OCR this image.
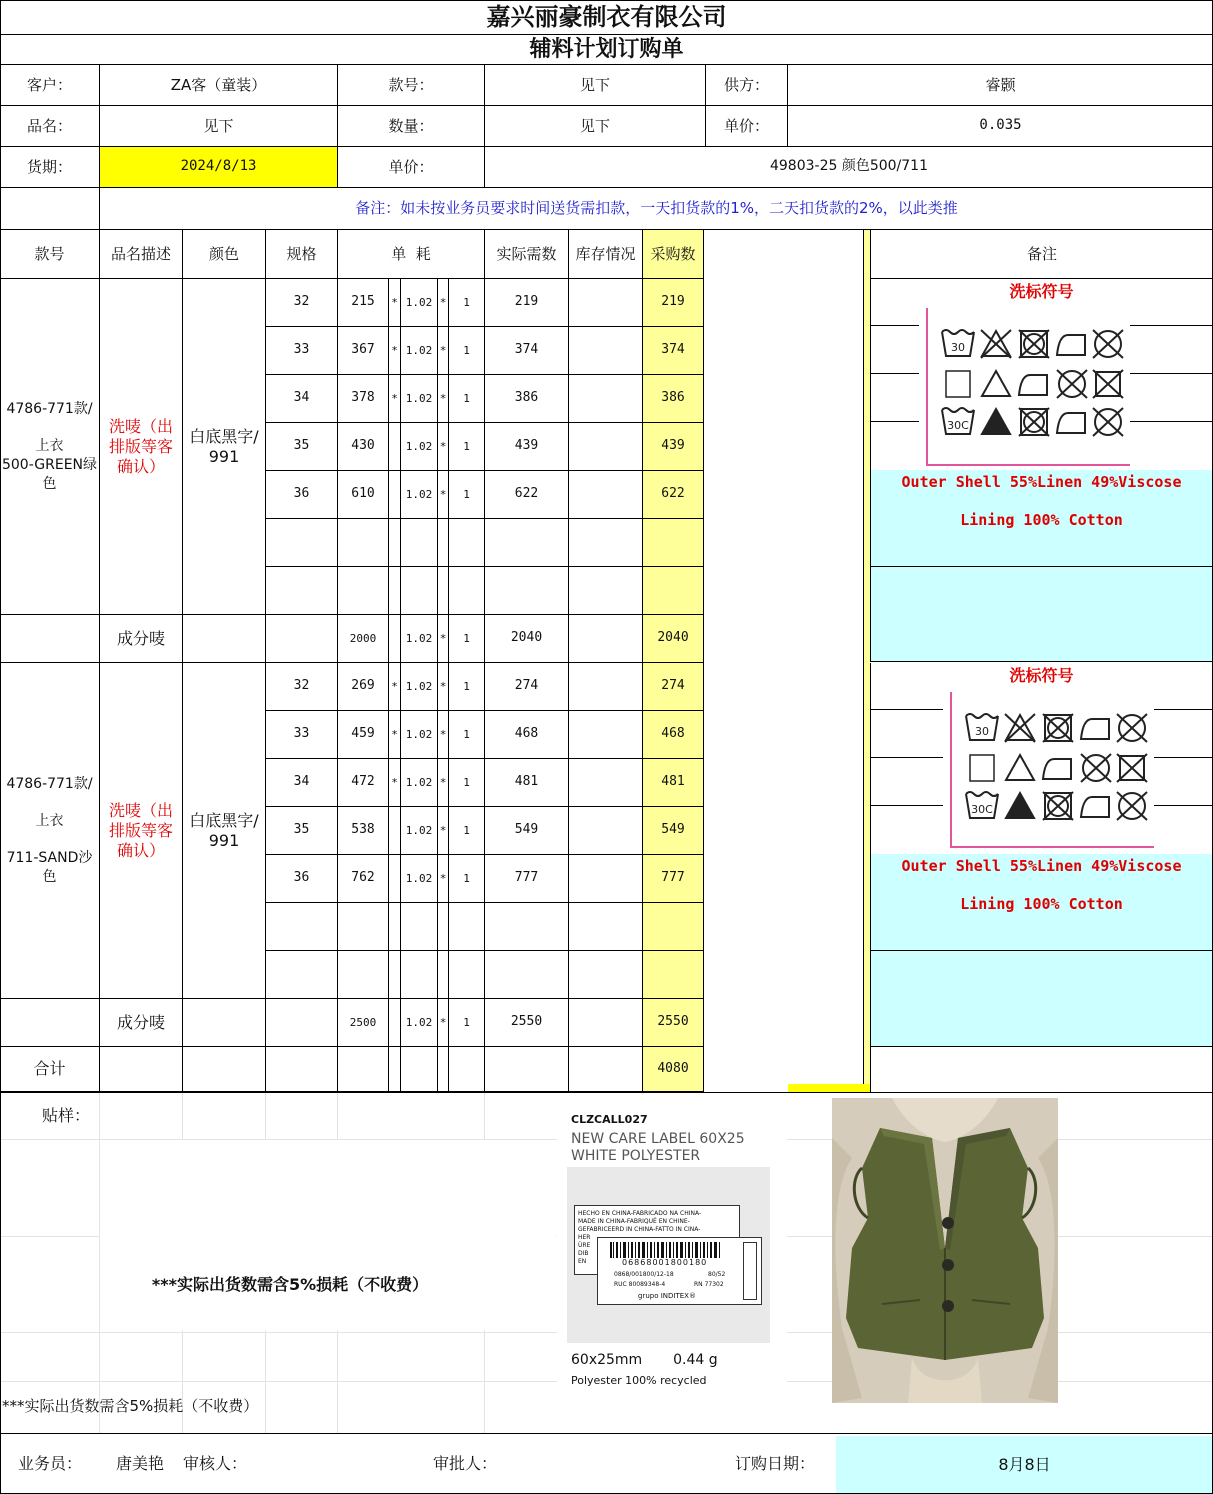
嘉兴丽豪制衣有限公司
辅料计划订购单
客户：	ZA客（童装）	款号：	见下	供方：	睿颢
品名：	见下	数量：	见下	单价：	0.035
货期：	2024/8/13	单价：	49803-25 颜色500/711
备注：如未按业务员要求时间送货需扣款，一天扣货款的1%，二天扣货款的2%，以此类推
款号	品名描述	颜色	规格	单  耗	实际需数	库存情况 采购数	备注
4786-771款/
上衣
500-GREEN绿
色
洗唛（出排版等客确认）
白底黑字/991
32	215	* 1.02 *	1	219	219
33	367	* 1.02 *	1	374	374
34	378	* 1.02 *	1	386	386
35	430	1.02 *	1	439	439
36	610	1.02 *	1	622	622
成分唛	2000	1.02 *	1	2040	2040
洗标符号
30
30C
Outer Shell 55%Linen 49%Viscose
Lining 100% Cotton
4786-771款/
上衣
711-SAND沙
色
洗唛（出排版等客确认）
白底黑字/991
32	269	* 1.02 *	1	274	274
33	459	* 1.02 *	1	468	468
34	472	* 1.02 *	1	481	481
35	538	1.02 *	1	549	549
36	762	1.02 *	1	777	777
成分唛	2500	1.02 *	1	2550	2550
洗标符号
30
30C
Outer Shell 55%Linen 49%Viscose
Lining 100% Cotton
合计	4080
贴样：
***实际出货数需含5%损耗（不收费）
***实际出货数需含5%损耗（不收费）
CLZCALL027
NEW CARE LABEL 60X25
WHITE POLYESTER
HECHO EN CHINA-FABRICADO NA CHINA-
MADE IN CHINA-FABRIQUÉ EN CHINE-
GEFABRICEERD IN CHINA-FATTO IN CINA-
HER
ÜRE
DIB
EN	06868001800180
0868/001800/12-18	80/52
RUC 80089348-4	RN 77302
grupo INDITEX®
60x25mm 0.44 g
Polyester 100% recycled
业务员：	唐美艳	审核人：	审批人：	订购日期：	8月8日
